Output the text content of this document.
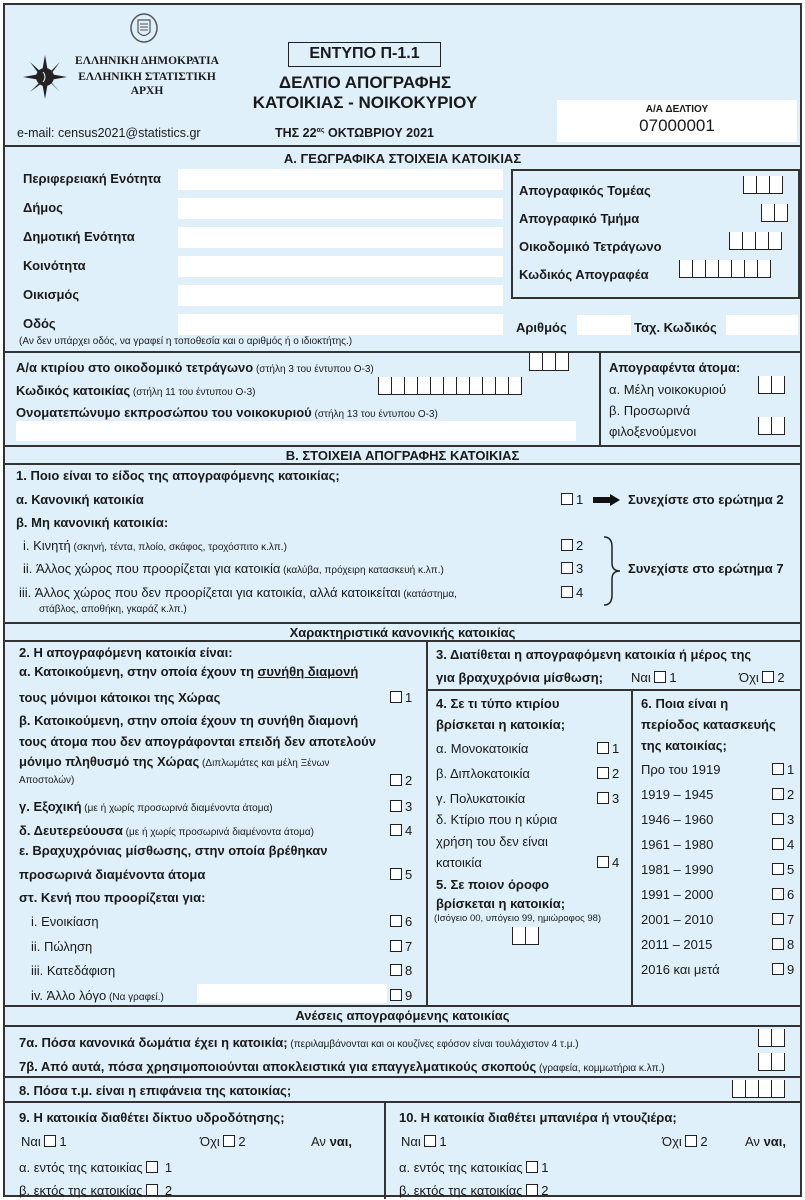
ΕΛΛΗΝΙΚΗ ΔΗΜΟΚΡΑΤΙΑ
ΕΛΛΗΝΙΚΗ ΣΤΑΤΙΣΤΙΚΗ
ΑΡΧΗ
e-mail: census2021@statistics.gr
ΕΝΤΥΠΟ Π-1.1
ΔΕΛΤΙΟ ΑΠΟΓΡΑΦΗΣ
ΚΑΤΟΙΚΙΑΣ - ΝΟΙΚΟΚΥΡΙΟΥ
ΤΗΣ $22^{\alpha\varsigma}$ ΟΚΤΩΒΡΙΟΥ 2021
Α/Α ΔΕΛΤΙΟΥ
07000001
Α. ΓΕΩΓΡΑΦΙΚΑ ΣΤΟΙΧΕΙΑ ΚΑΤΟΙΚΙΑΣ
Περιφερειακή Ενότητα
Δήμος
Δημοτική Ενότητα
Κοινότητα
Οικισμός
Οδός
(Αν δεν υπάρχει οδός, να γραφεί η τοποθεσία και ο αριθμός ή ο ιδιοκτήτης.)
Αριθμός	Ταχ. Κωδικός
Απογραφικός Τομέας
Απογραφικό Τμήμα
Οικοδομικό Τετράγωνο
Κωδικός Απογραφέα
Α/α κτιρίου στο οικοδομικό τετράγωνο (στήλη 3 του έντυπου Ο-3)
Κωδικός κατοικίας (στήλη 11 του έντυπου Ο-3)
Ονοματεπώνυμο εκπροσώπου του νοικοκυριού (στήλη 13 του έντυπου Ο-3)
Απογραφέντα άτομα:
α. Μέλη νοικοκυριού
β. Προσωρινά
φιλοξενούμενοι
Β. ΣΤΟΙΧΕΙΑ ΑΠΟΓΡΑΦΗΣ ΚΑΤΟΙΚΙΑΣ
1. Ποιο είναι το είδος της απογραφόμενης κατοικίας;
α. Κανονική κατοικία	1	Συνεχίστε στο ερώτημα 2
β. Μη κανονική κατοικία:
i. Κινητή (σκηνή, τέντα, πλοίο, σκάφος, τροχόσπιτο κ.λπ.)	2
ii. Άλλος χώρος που προορίζεται για κατοικία (καλύβα, πρόχειρη κατασκευή κ.λπ.)	3
iii. Άλλος χώρος που δεν προορίζεται για κατοικία, αλλά κατοικείται (κατάστημα,
στάβλος, αποθήκη, γκαράζ κ.λπ.)
4
Συνεχίστε στο ερώτημα 7
Χαρακτηριστικά κανονικής κατοικίας
2. Η απογραφόμενη κατοικία είναι:
α. Κατοικούμενη, στην οποία έχουν τη συνήθη διαμονή
τους μόνιμοι κάτοικοι της Χώρας	1
β. Κατοικούμενη, στην οποία έχουν τη συνήθη διαμονή
τους άτομα που δεν απογράφονται επειδή δεν αποτελούν
μόνιμο πληθυσμό της Χώρας (Διπλωμάτες και μέλη Ξένων
Αποστολών)	2
γ. Εξοχική (με ή χωρίς προσωρινά διαμένοντα άτομα)	3
δ. Δευτερεύουσα (με ή χωρίς προσωρινά διαμένοντα άτομα)	4
ε. Βραχυχρόνιας μίσθωσης, στην οποία βρέθηκαν
προσωρινά διαμένοντα άτομα	5
στ. Κενή που προορίζεται για:
i. Ενοικίαση	6
ii. Πώληση	7
iii. Κατεδάφιση	8
iv. Άλλο λόγο (Να γραφεί.)	9
3. Διατίθεται η απογραφόμενη κατοικία ή μέρος της
για βραχυχρόνια μίσθωση; Ναι 1	Όχι 2
4. Σε τι τύπο κτιρίου
βρίσκεται η κατοικία;
α. Μονοκατοικία	1
β. Διπλοκατοικία	2
γ. Πολυκατοικία	3
δ. Κτίριο που η κύρια
χρήση του δεν είναι
κατοικία	4
5. Σε ποιον όροφο
βρίσκεται η κατοικία;
(Ισόγειο 00, υπόγειο 99, ημιώροφος 98)
6. Ποια είναι η
περίοδος κατασκευής
της κατοικίας;
Προ του 1919	1
1919 – 1945	2
1946 – 1960	3
1961 – 1980	4
1981 – 1990	5
1991 – 2000	6
2001 – 2010	7
2011 – 2015	8
2016 και μετά	9
Ανέσεις απογραφόμενης κατοικίας
7α. Πόσα κανονικά δωμάτια έχει η κατοικία; (περιλαμβάνονται και οι κουζίνες εφόσον είναι τουλάχιστον 4 τ.μ.)
7β. Από αυτά, πόσα χρησιμοποιούνται αποκλειστικά για επαγγελματικούς σκοπούς (γραφεία, κομμωτήρια κ.λπ.)
8. Πόσα τ.μ. είναι η επιφάνεια της κατοικίας;
9. Η κατοικία διαθέτει δίκτυο υδροδότησης;
Ναι 1	Όχι 2	Αν ναι,
α. εντός της κατοικίας 1
β. εκτός της κατοικίας 2
10. Η κατοικία διαθέτει μπανιέρα ή ντουζιέρα;
Ναι 1	Όχι 2	Αν ναι,
α. εντός της κατοικίας 1
β. εκτός της κατοικίας 2
